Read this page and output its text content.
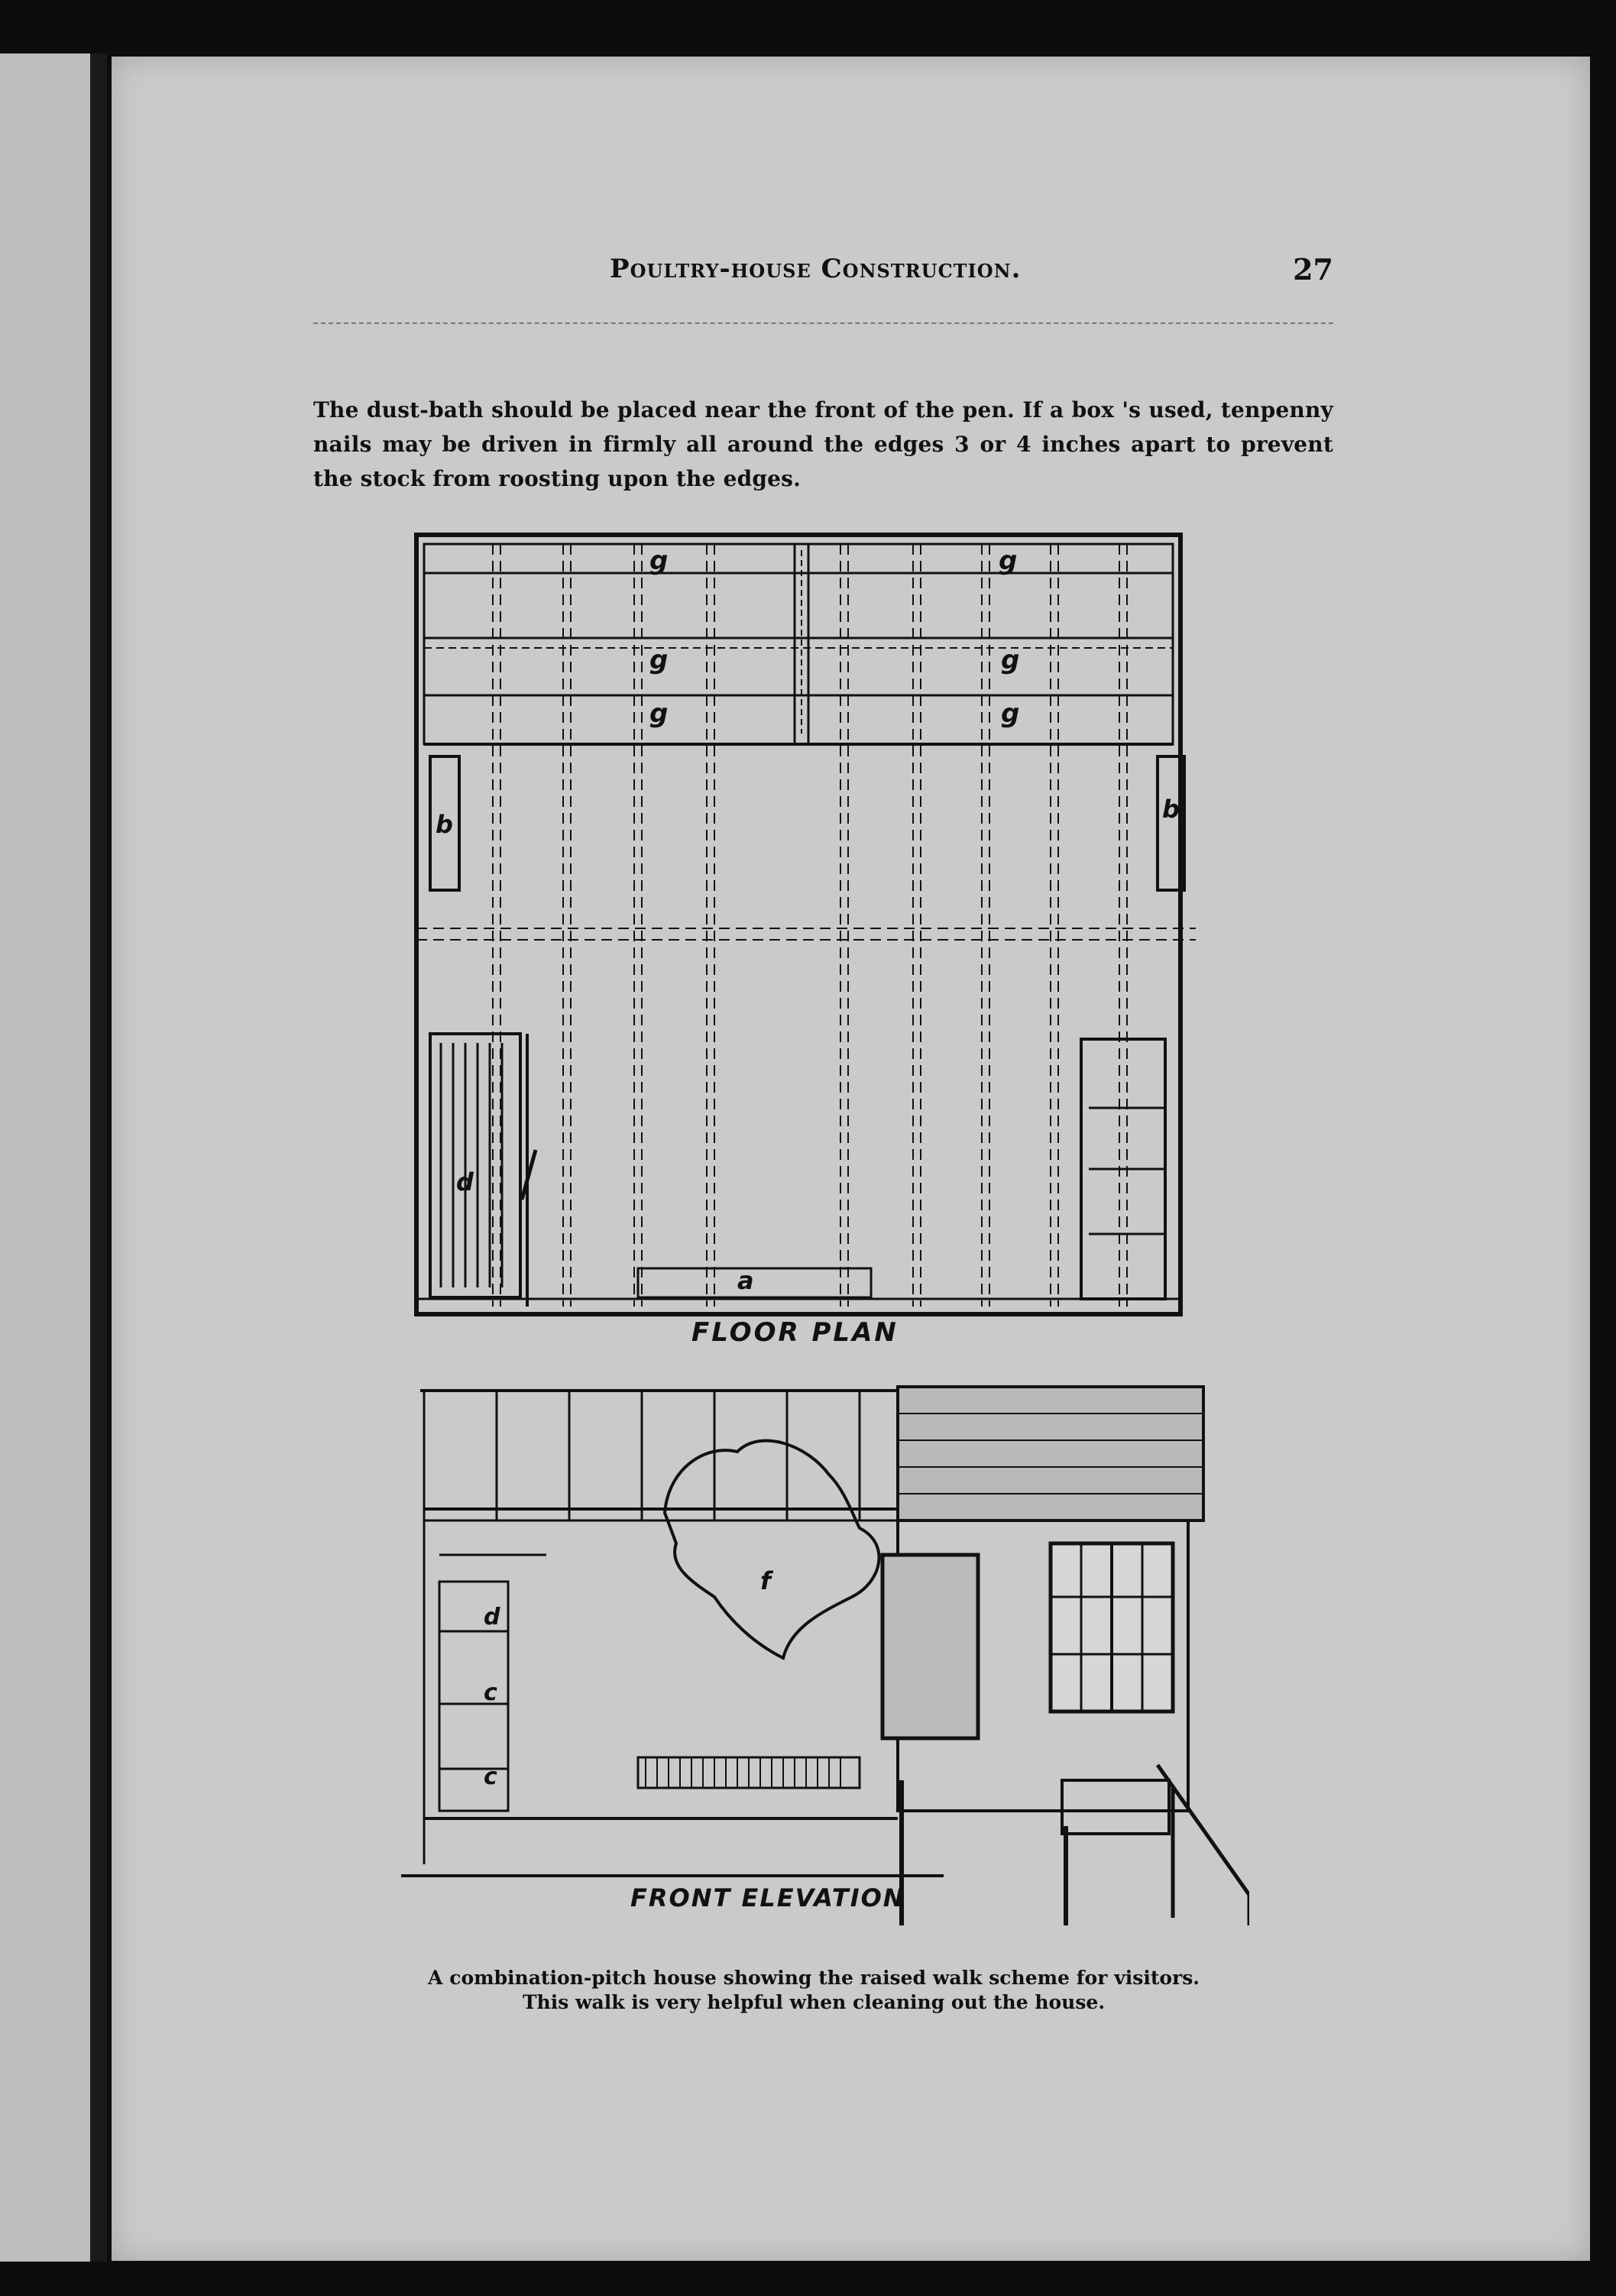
Poultry-house Construction.	27

The dust-bath should be placed near the front of the pen. If a box 's used, tenpenny nails may be driven in firmly all around the edges 3 or 4 inches apart to prevent the stock from roosting upon the edges.

g	g
g	g
g	g
b
b
d
a
FLOOR PLAN
f
d
c
c
FRONT ELEVATION

A combination-pitch house showing the raised walk scheme for visitors. This walk is very helpful when cleaning out the house.
